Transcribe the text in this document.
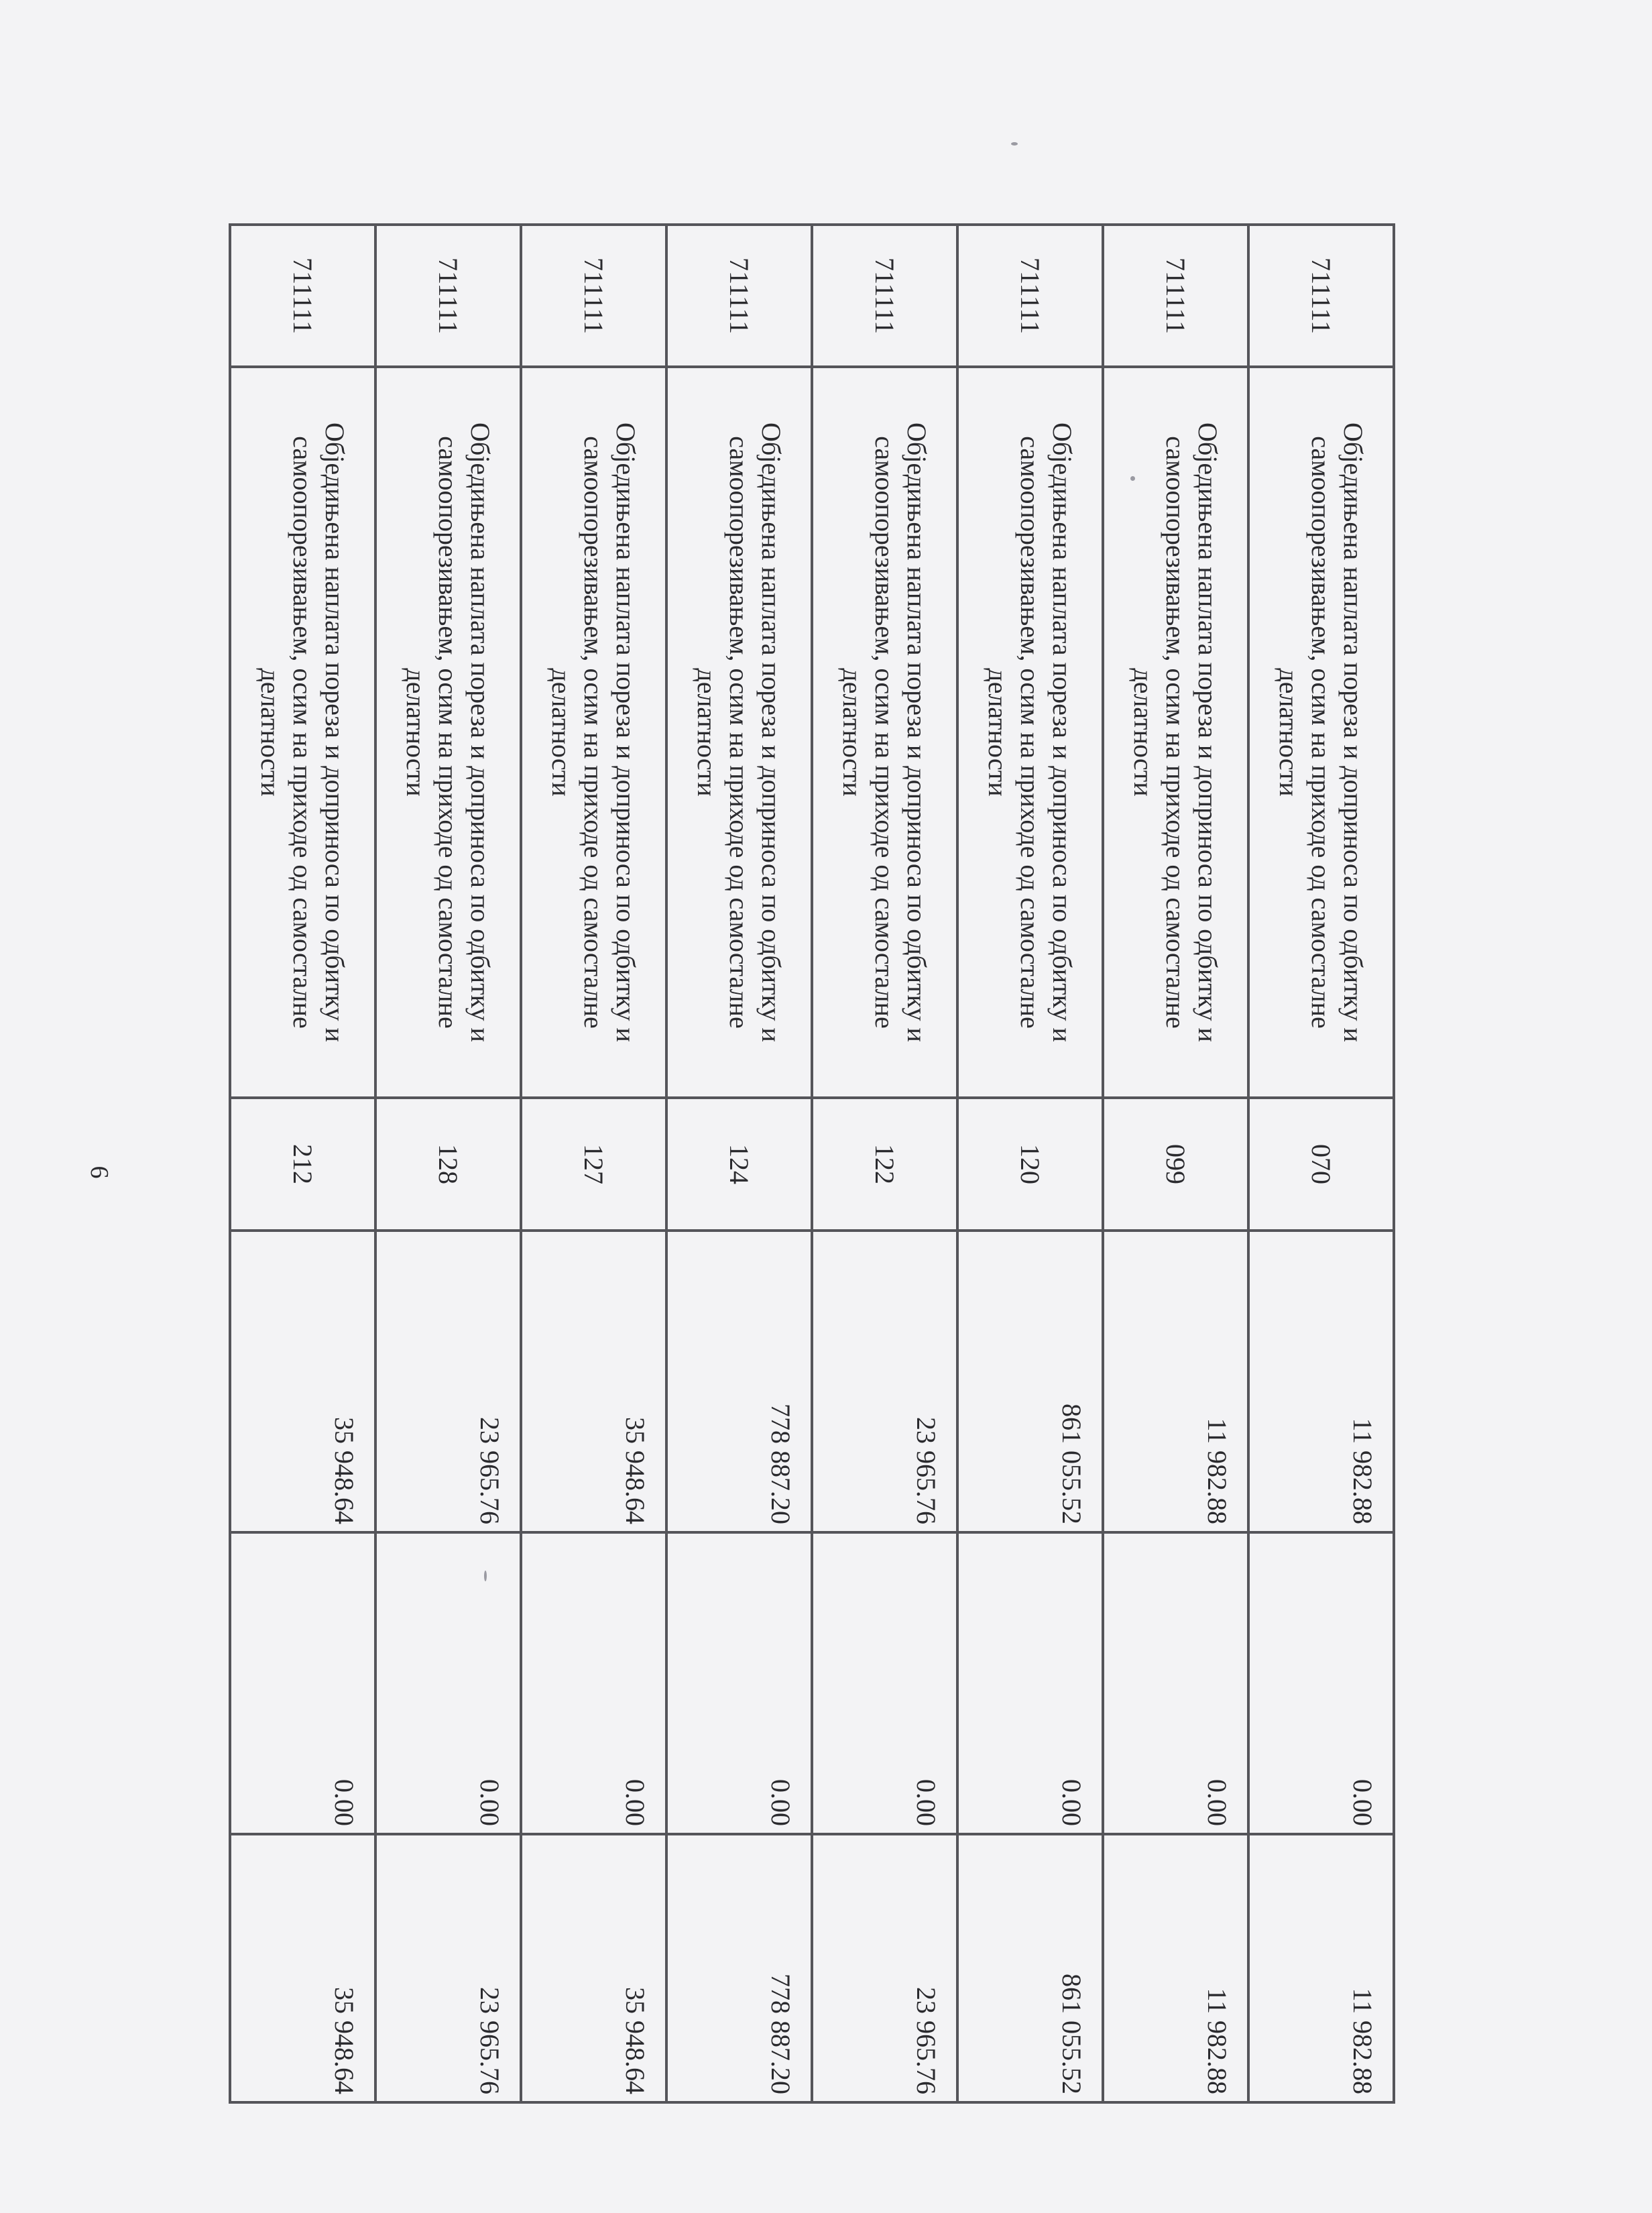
6
711111	Обједињена наплата пореза и доприноса по одбитку и самоопорезивањем, осим на приходе од самосталне делатности	070	11 982.88	0.00	11 982.88
711111	Обједињена наплата пореза и доприноса по одбитку и самоопорезивањем, осим на приходе од самосталне делатности	099	11 982.88	0.00	11 982.88
711111	Обједињена наплата пореза и доприноса по одбитку и самоопорезивањем, осим на приходе од самосталне делатности	120	861 055.52	0.00	861 055.52
711111	Обједињена наплата пореза и доприноса по одбитку и самоопорезивањем, осим на приходе од самосталне делатности	122	23 965.76	0.00	23 965.76
711111	Обједињена наплата пореза и доприноса по одбитку и самоопорезивањем, осим на приходе од самосталне делатности	124	778 887.20	0.00	778 887.20
711111	Обједињена наплата пореза и доприноса по одбитку и самоопорезивањем, осим на приходе од самосталне делатности	127	35 948.64	0.00	35 948.64
711111	Обједињена наплата пореза и доприноса по одбитку и самоопорезивањем, осим на приходе од самосталне делатности	128	23 965.76	0.00	23 965.76
711111	Обједињена наплата пореза и доприноса по одбитку и самоопорезивањем, осим на приходе од самосталне делатности	212	35 948.64	0.00	35 948.64
